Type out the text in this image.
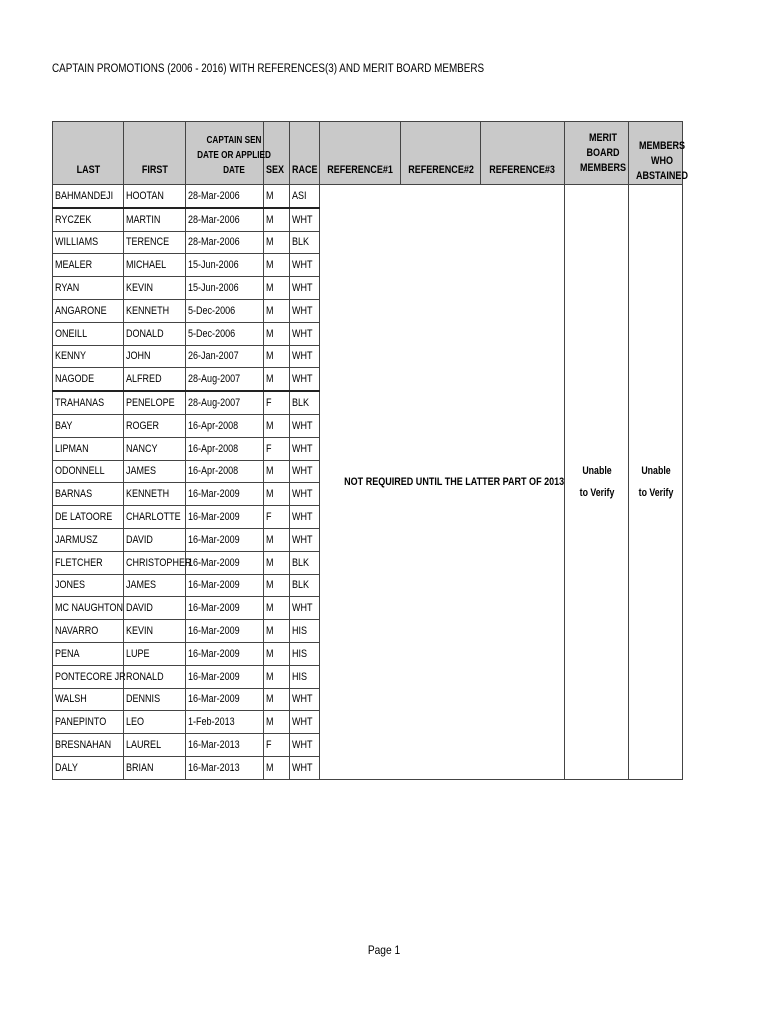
CAPTAIN PROMOTIONS (2006 - 2016) WITH REFERENCES(3) AND MERIT BOARD MEMBERS
LAST	FIRST	CAPTAIN SEN DATE OR APPLIED DATE	SEX	RACE	REFERENCE#1	REFERENCE#2	REFERENCE#3	MERIT BOARD MEMBERS	MEMBERS WHO ABSTAINED
BAHMANDEJI	HOOTAN	28-Mar-2006	M	ASI	NOT REQUIRED UNTIL THE LATTER PART OF 2013			Unable to Verify	Unable to Verify
RYCZEK	MARTIN	28-Mar-2006	M	WHT					
WILLIAMS	TERENCE	28-Mar-2006	M	BLK					
MEALER	MICHAEL	15-Jun-2006	M	WHT					
RYAN	KEVIN	15-Jun-2006	M	WHT					
ANGARONE	KENNETH	5-Dec-2006	M	WHT					
ONEILL	DONALD	5-Dec-2006	M	WHT					
KENNY	JOHN	26-Jan-2007	M	WHT					
NAGODE	ALFRED	28-Aug-2007	M	WHT					
TRAHANAS	PENELOPE	28-Aug-2007	F	BLK					
BAY	ROGER	16-Apr-2008	M	WHT					
LIPMAN	NANCY	16-Apr-2008	F	WHT					
ODONNELL	JAMES	16-Apr-2008	M	WHT					
BARNAS	KENNETH	16-Mar-2009	M	WHT					
DE LATOORE	CHARLOTTE	16-Mar-2009	F	WHT					
JARMUSZ	DAVID	16-Mar-2009	M	WHT					
FLETCHER	CHRISTOPHER	16-Mar-2009	M	BLK					
JONES	JAMES	16-Mar-2009	M	BLK					
MC NAUGHTON	DAVID	16-Mar-2009	M	WHT					
NAVARRO	KEVIN	16-Mar-2009	M	HIS					
PENA	LUPE	16-Mar-2009	M	HIS					
PONTECORE JR	RONALD	16-Mar-2009	M	HIS					
WALSH	DENNIS	16-Mar-2009	M	WHT					
PANEPINTO	LEO	1-Feb-2013	M	WHT					
BRESNAHAN	LAUREL	16-Mar-2013	F	WHT					
DALY	BRIAN	16-Mar-2013	M	WHT					
Page 1
